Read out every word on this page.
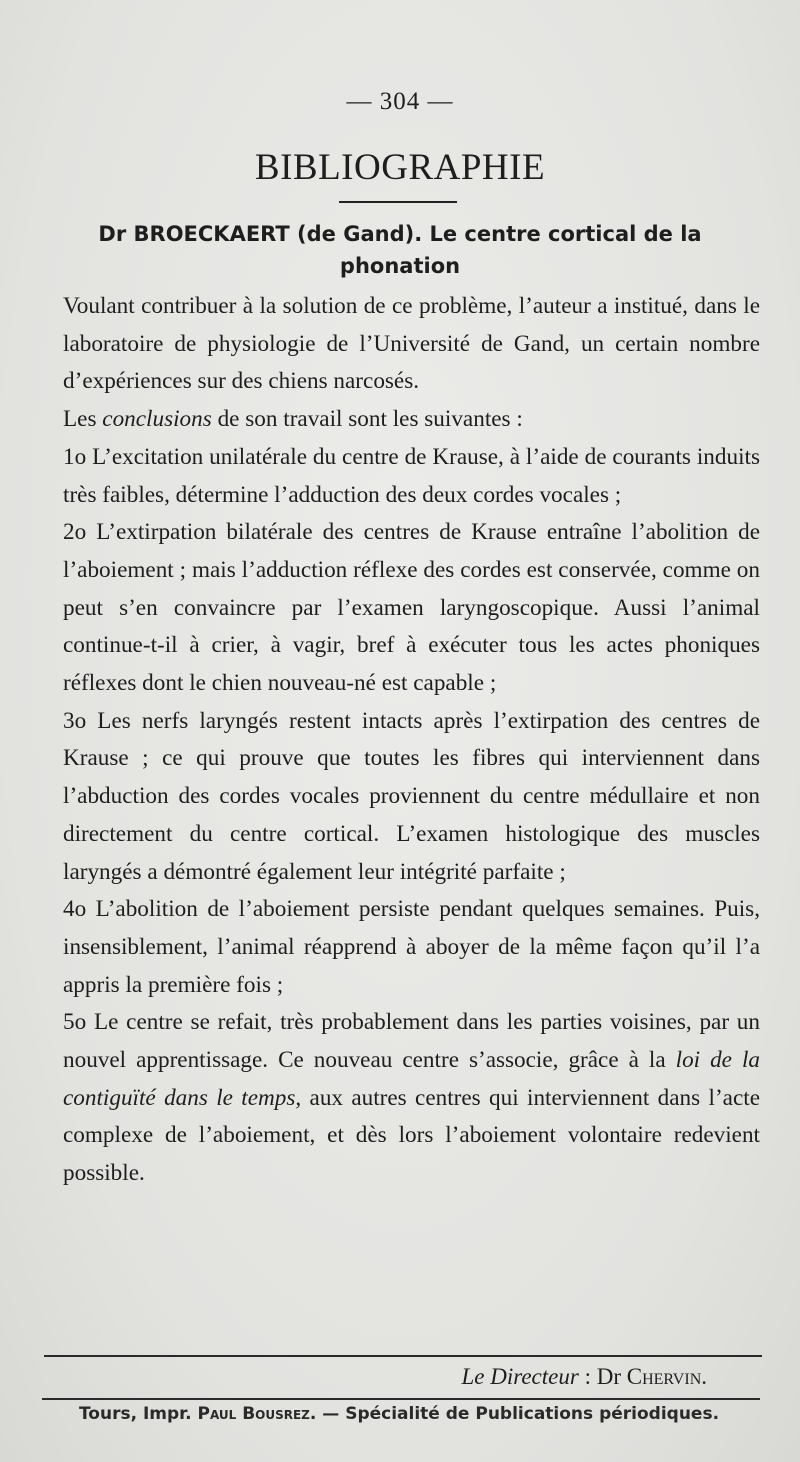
— 304 —
BIBLIOGRAPHIE
Dr BROECKAERT (de Gand). Le centre cortical de la phonation

Voulant contribuer à la solution de ce problème, l’auteur a institué, dans le laboratoire de physiologie de l’Université de Gand, un certain nombre d’expériences sur des chiens narcosés.

Les conclusions de son travail sont les suivantes :

1o L’excitation unilatérale du centre de Krause, à l’aide de courants induits très faibles, détermine l’adduction des deux cordes vocales ;

2o L’extirpation bilatérale des centres de Krause entraîne l’abolition de l’aboiement ; mais l’adduction réflexe des cordes est conservée, comme on peut s’en convaincre par l’examen laryngoscopique. Aussi l’animal continue-t-il à crier, à vagir, bref à exécuter tous les actes phoniques réflexes dont le chien nouveau-né est capable ;

3o Les nerfs laryngés restent intacts après l’extirpation des centres de Krause ; ce qui prouve que toutes les fibres qui interviennent dans l’abduction des cordes vocales proviennent du centre médullaire et non directement du centre cortical. L’examen histologique des muscles laryngés a démontré également leur intégrité parfaite ;

4o L’abolition de l’aboiement persiste pendant quelques semaines. Puis, insensiblement, l’animal réapprend à aboyer de la même façon qu’il l’a appris la première fois ;

5o Le centre se refait, très probablement dans les parties voisines, par un nouvel apprentissage. Ce nouveau centre s’associe, grâce à la loi de la contiguïté dans le temps, aux autres centres qui interviennent dans l’acte complexe de l’aboiement, et dès lors l’aboiement volontaire redevient possible.

Le Directeur : Dr Chervin.
Tours, Impr. Paul Bousrez. — Spécialité de Publications périodiques.
